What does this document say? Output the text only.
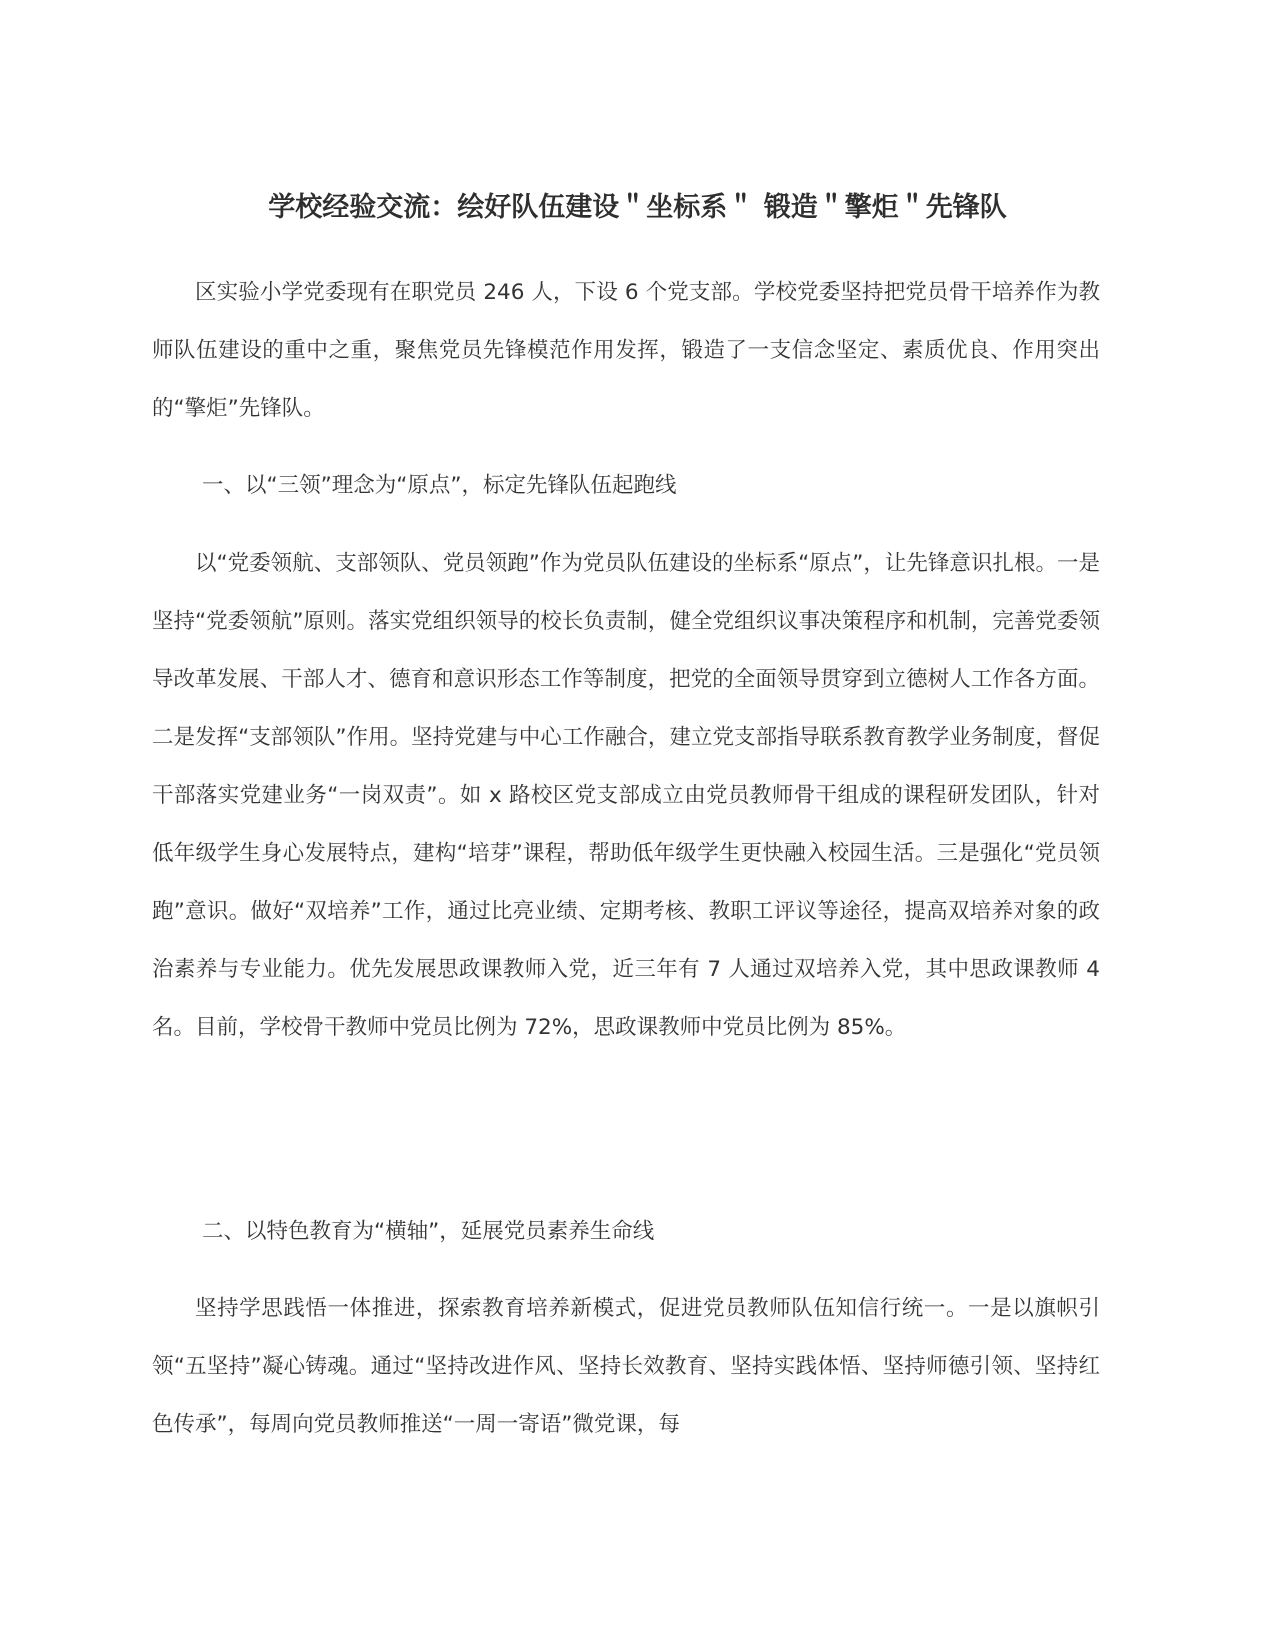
学校经验交流：绘好队伍建设＂坐标系＂ 锻造＂擎炬＂先锋队

区实验小学党委现有在职党员 246 人，下设 6 个党支部。学校党委坚持把党员骨干培养作为教师队伍建设的重中之重，聚焦党员先锋模范作用发挥，锻造了一支信念坚定、素质优良、作用突出的“擎炬”先锋队。

一、以“三领”理念为“原点”，标定先锋队伍起跑线

以“党委领航、支部领队、党员领跑”作为党员队伍建设的坐标系“原点”，让先锋意识扎根。一是坚持“党委领航”原则。落实党组织领导的校长负责制，健全党组织议事决策程序和机制，完善党委领导改革发展、干部人才、德育和意识形态工作等制度，把党的全面领导贯穿到立德树人工作各方面。二是发挥“支部领队”作用。坚持党建与中心工作融合，建立党支部指导联系教育教学业务制度，督促干部落实党建业务“一岗双责”。如 x 路校区党支部成立由党员教师骨干组成的课程研发团队，针对低年级学生身心发展特点，建构“培芽”课程，帮助低年级学生更快融入校园生活。三是强化“党员领跑”意识。做好“双培养”工作，通过比亮业绩、定期考核、教职工评议等途径，提高双培养对象的政治素养与专业能力。优先发展思政课教师入党，近三年有 7 人通过双培养入党，其中思政课教师 4 名。目前，学校骨干教师中党员比例为 72%，思政课教师中党员比例为 85%。

二、以特色教育为“横轴”，延展党员素养生命线

坚持学思践悟一体推进，探索教育培养新模式，促进党员教师队伍知信行统一。一是以旗帜引领“五坚持”凝心铸魂。通过“坚持改进作风、坚持长效教育、坚持实践体悟、坚持师德引领、坚持红色传承”，每周向党员教师推送“一周一寄语”微党课，每
